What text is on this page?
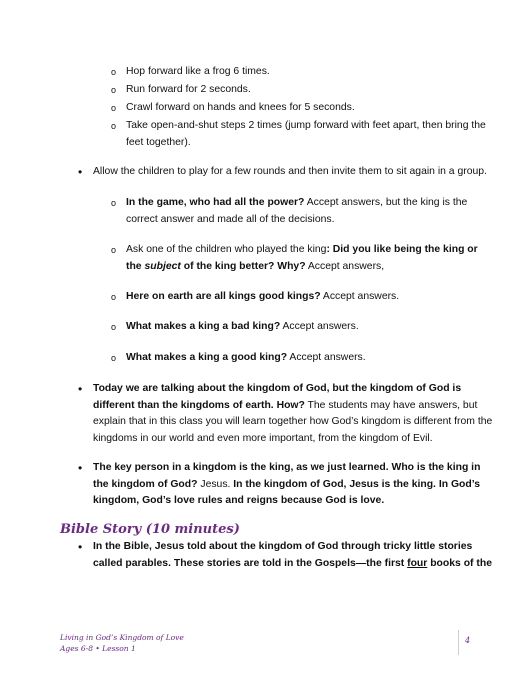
o Hop forward like a frog 6 times.
o Run forward for 2 seconds.
o Crawl forward on hands and knees for 5 seconds.
o Take open-and-shut steps 2 times (jump forward with feet apart, then bring the feet together).
• Allow the children to play for a few rounds and then invite them to sit again in a group.
o In the game, who had all the power? Accept answers, but the king is the correct answer and made all of the decisions.
o Ask one of the children who played the king: Did you like being the king or the subject of the king better? Why? Accept answers,
o Here on earth are all kings good kings? Accept answers.
o What makes a king a bad king? Accept answers.
o What makes a king a good king? Accept answers.
• Today we are talking about the kingdom of God, but the kingdom of God is different than the kingdoms of earth. How? The students may have answers, but explain that in this class you will learn together how God’s kingdom is different from the kingdoms in our world and even more important, from the kingdom of Evil.
• The key person in a kingdom is the king, as we just learned. Who is the king in the kingdom of God? Jesus. In the kingdom of God, Jesus is the king. In God’s kingdom, God’s love rules and reigns because God is love.
Bible Story (10 minutes)
• In the Bible, Jesus told about the kingdom of God through tricky little stories called parables. These stories are told in the Gospels—the first four books of the
Living in God’s Kingdom of Love
Ages 6-8 • Lesson 1
4
